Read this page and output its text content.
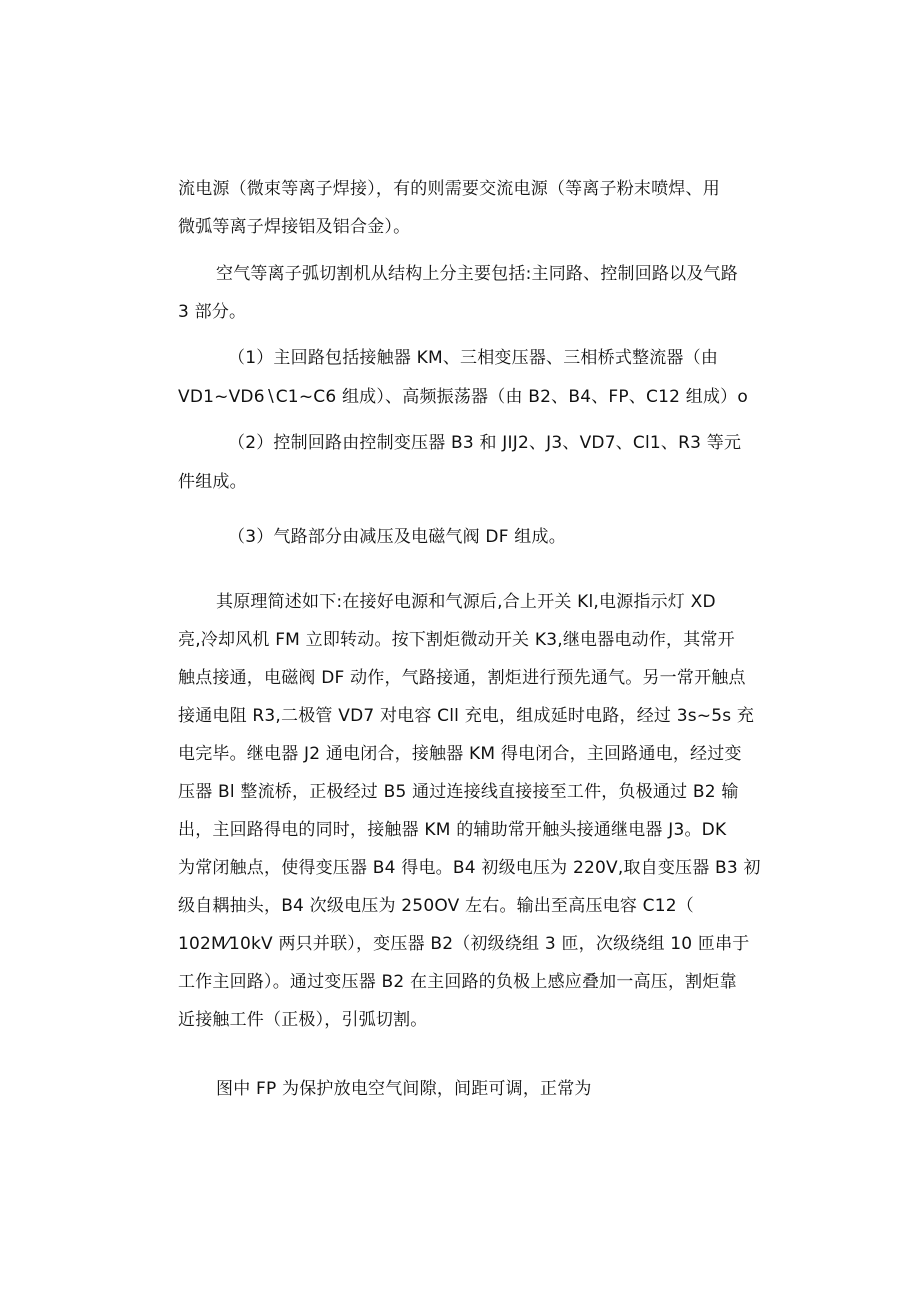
流电源（微束等离子焊接），有的则需要交流电源（等离子粉末喷焊、用
微弧等离子焊接铝及铝合金）。
空气等离子弧切割机从结构上分主要包括:主同路、控制回路以及气路
3 部分。
（1）主回路包括接触器 KM、三相变压器、三相桥式整流器（由
VD1~VD6∖C1~C6 组成）、高频振荡器（由 B2、B4、FP、C12 组成）o
（2）控制回路由控制变压器 B3 和 JIJ2、J3、VD7、Cl1、R3 等元
件组成。
（3）气路部分由减压及电磁气阀 DF 组成。
其原理简述如下:在接好电源和气源后,合上开关 Kl,电源指示灯 XD
亮,冷却风机 FM 立即转动。按下割炬微动开关 K3,继电器电动作，其常开
触点接通，电磁阀 DF 动作，气路接通，割炬进行预先通气。另一常开触点
接通电阻 R3,二极管 VD7 对电容 Cll 充电，组成延时电路，经过 3s~5s 充
电完毕。继电器 J2 通电闭合，接触器 KM 得电闭合，主回路通电，经过变
压器 Bl 整流桥，正极经过 B5 通过连接线直接接至工件，负极通过 B2 输
出，主回路得电的同时，接触器 KM 的辅助常开触头接通继电器 J3。DK
为常闭触点，使得变压器 B4 得电。B4 初级电压为 220V,取自变压器 B3 初
级自耦抽头，B4 次级电压为 250OV 左右。输出至高压电容 C12（
102M⁄10kV 两只并联），变压器 B2（初级绕组 3 匝，次级绕组 10 匝串于
工作主回路）。通过变压器 B2 在主回路的负极上感应叠加一高压，割炬靠
近接触工件（正极），引弧切割。
图中 FP 为保护放电空气间隙，间距可调，正常为
